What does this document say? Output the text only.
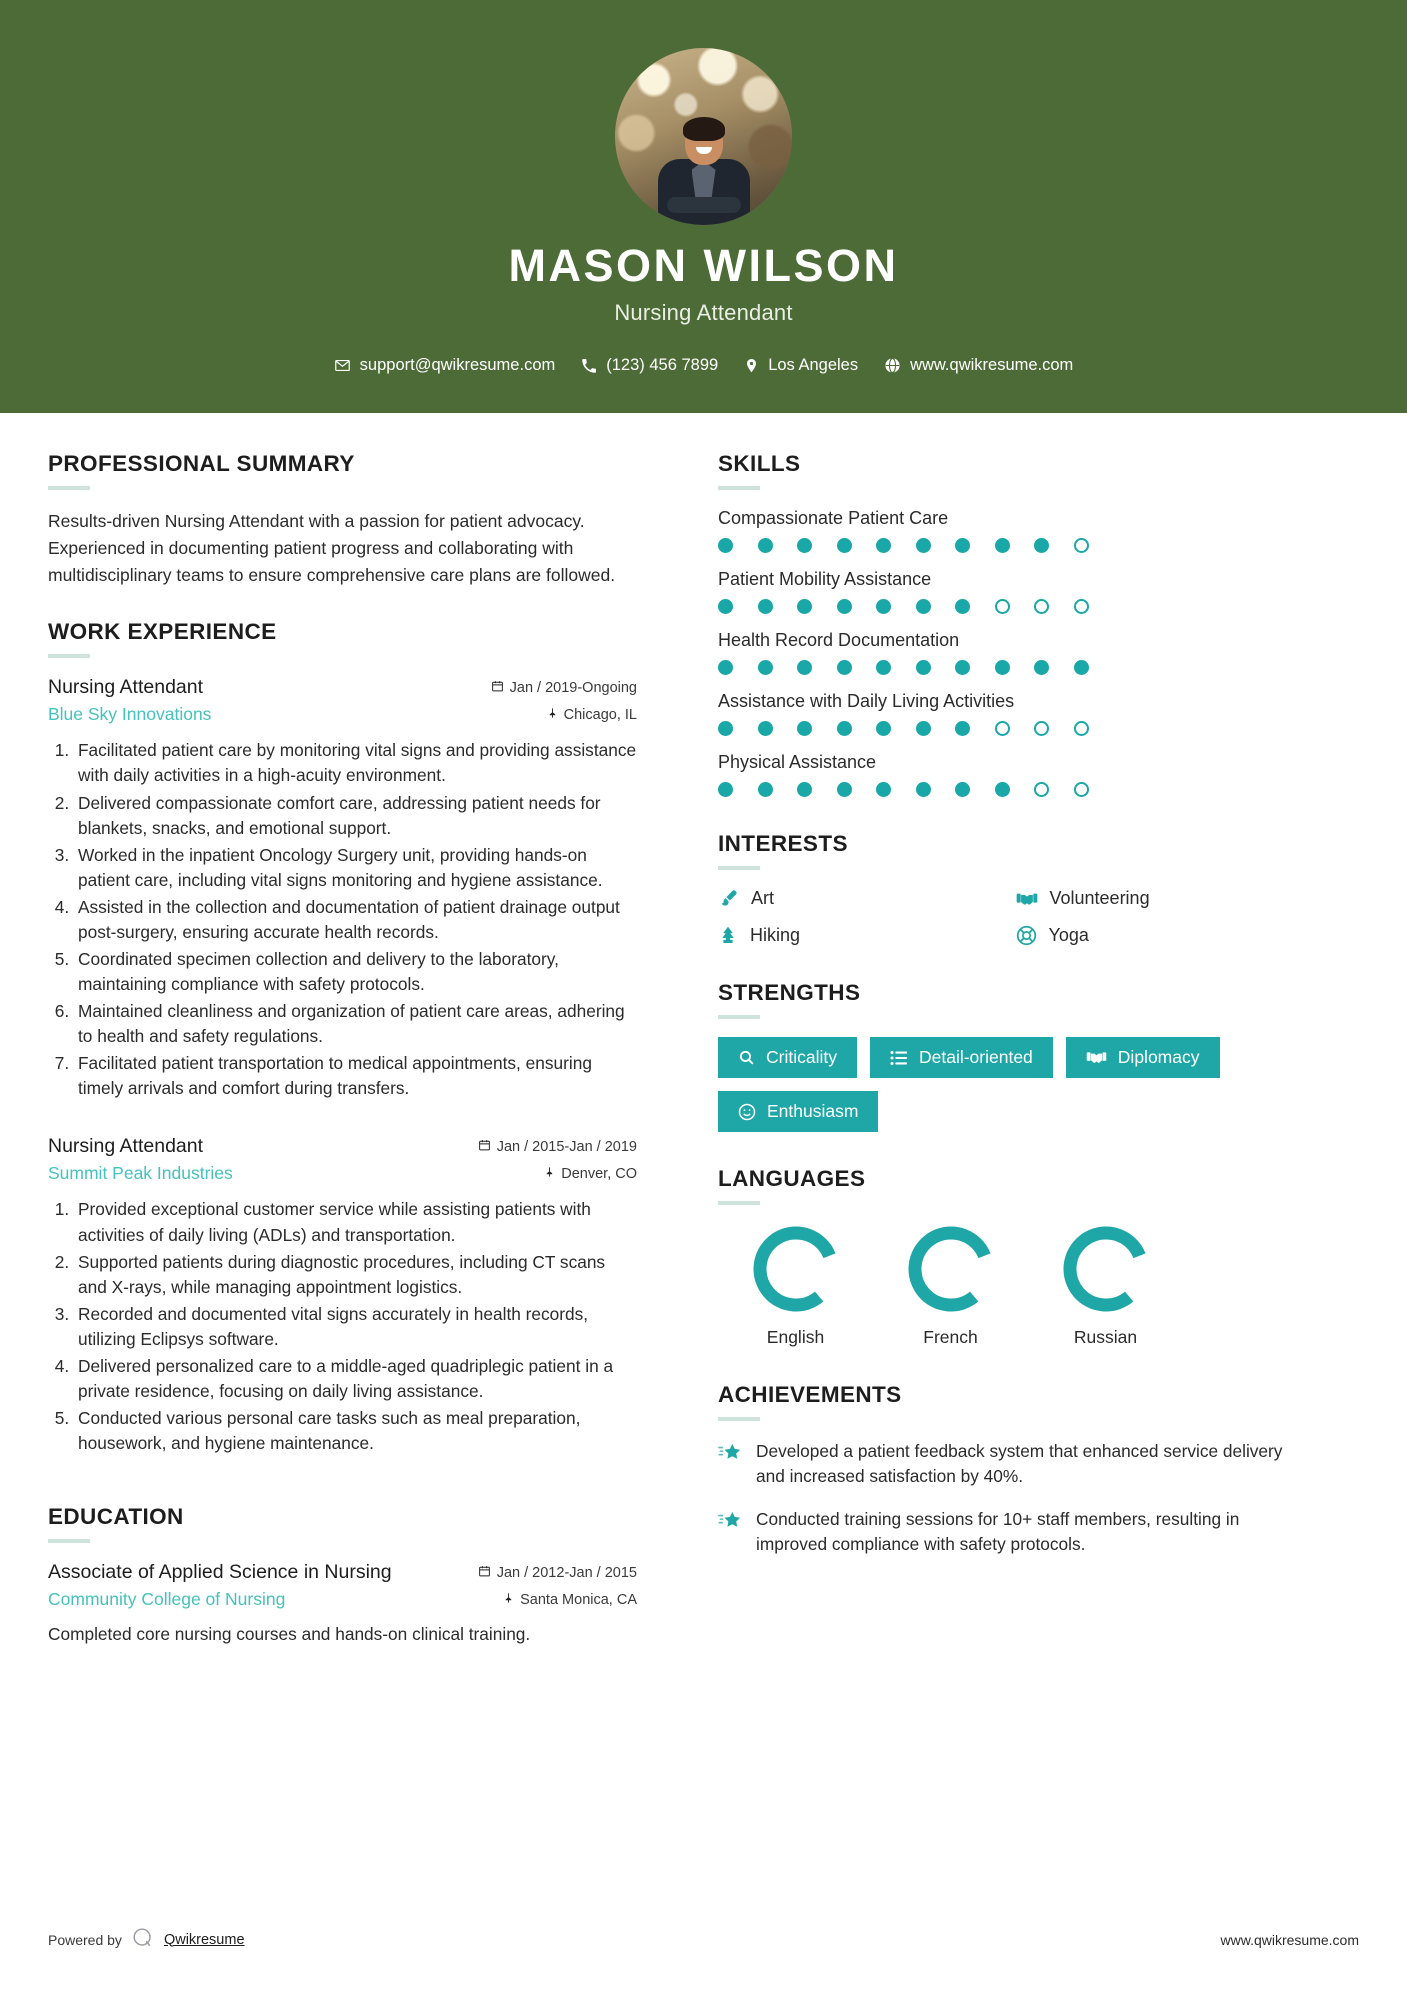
MASON WILSON
Nursing Attendant
support@qwikresume.com	(123) 456 7899	Los Angeles	www.qwikresume.com
PROFESSIONAL SUMMARY
Results-driven Nursing Attendant with a passion for patient advocacy. Experienced in documenting patient progress and collaborating with multidisciplinary teams to ensure comprehensive care plans are followed.
WORK EXPERIENCE
Nursing Attendant	Jan / 2019-Ongoing
Blue Sky Innovations	Chicago, IL
1. Facilitated patient care by monitoring vital signs and providing assistance with daily activities in a high-acuity environment.
2. Delivered compassionate comfort care, addressing patient needs for blankets, snacks, and emotional support.
3. Worked in the inpatient Oncology Surgery unit, providing hands-on patient care, including vital signs monitoring and hygiene assistance.
4. Assisted in the collection and documentation of patient drainage output post-surgery, ensuring accurate health records.
5. Coordinated specimen collection and delivery to the laboratory, maintaining compliance with safety protocols.
6. Maintained cleanliness and organization of patient care areas, adhering to health and safety regulations.
7. Facilitated patient transportation to medical appointments, ensuring timely arrivals and comfort during transfers.
Nursing Attendant	Jan / 2015-Jan / 2019
Summit Peak Industries	Denver, CO
1. Provided exceptional customer service while assisting patients with activities of daily living (ADLs) and transportation.
2. Supported patients during diagnostic procedures, including CT scans and X-rays, while managing appointment logistics.
3. Recorded and documented vital signs accurately in health records, utilizing Eclipsys software.
4. Delivered personalized care to a middle-aged quadriplegic patient in a private residence, focusing on daily living assistance.
5. Conducted various personal care tasks such as meal preparation, housework, and hygiene maintenance.
EDUCATION
Associate of Applied Science in Nursing	Jan / 2012-Jan / 2015
Community College of Nursing	Santa Monica, CA
Completed core nursing courses and hands-on clinical training.
SKILLS
Compassionate Patient Care
Patient Mobility Assistance
Health Record Documentation
Assistance with Daily Living Activities
Physical Assistance
INTERESTS
Art	Volunteering
Hiking	Yoga
STRENGTHS
Criticality	Detail-oriented	Diplomacy
Enthusiasm
LANGUAGES
English	French	Russian
ACHIEVEMENTS
Developed a patient feedback system that enhanced service delivery and increased satisfaction by 40%.
Conducted training sessions for 10+ staff members, resulting in improved compliance with safety protocols.
Powered by	Qwikresume	www.qwikresume.com
